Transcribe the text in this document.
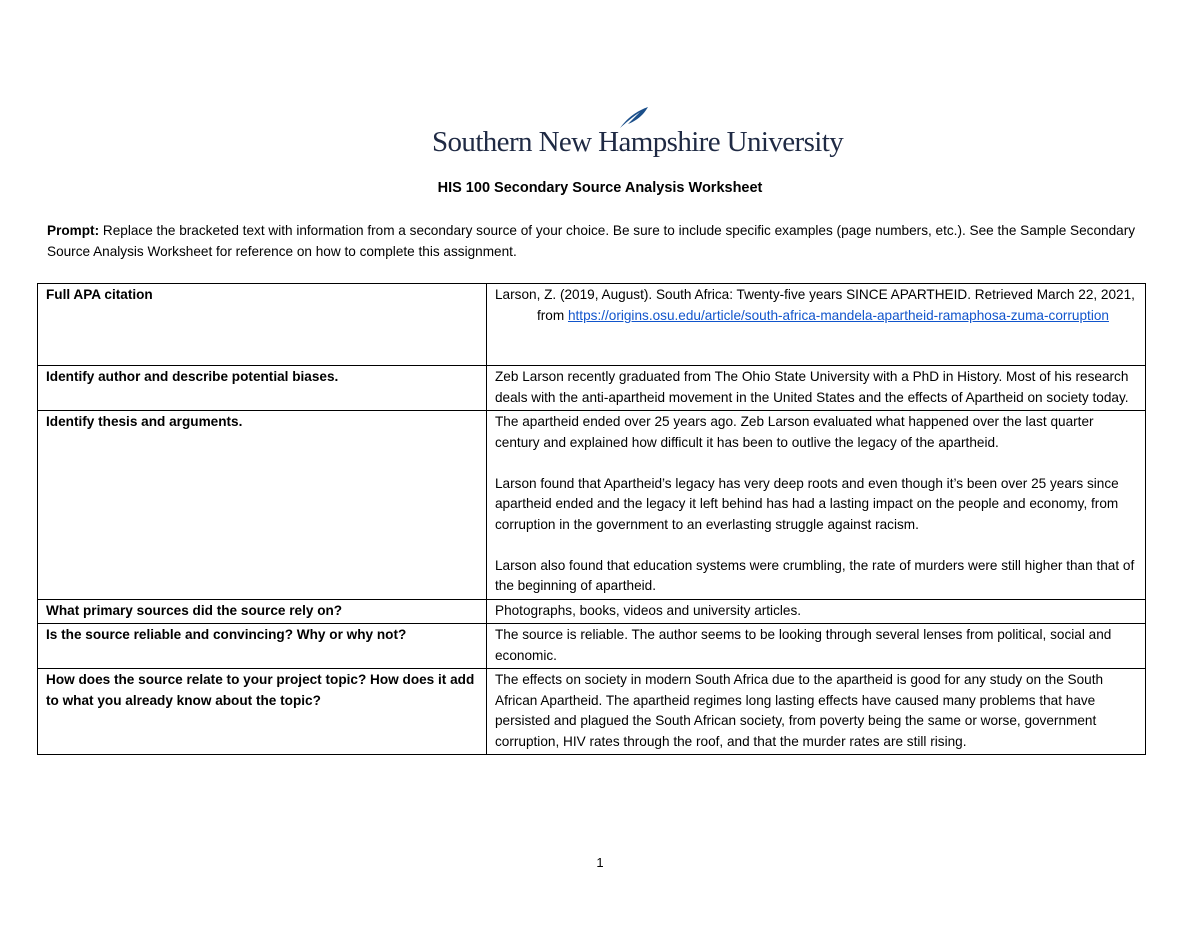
Southern New Hampshire University
HIS 100 Secondary Source Analysis Worksheet
Prompt: Replace the bracketed text with information from a secondary source of your choice. Be sure to include specific examples (page numbers, etc.). See the Sample Secondary Source Analysis Worksheet for reference on how to complete this assignment.
Full APA citation	Larson, Z. (2019, August). South Africa: Twenty-five years SINCE APARTHEID. Retrieved March 22, 2021, from https://origins.osu.edu/article/south-africa-mandela-apartheid-ramaphosa-zuma-corruption

Identify author and describe potential biases.	Zeb Larson recently graduated from The Ohio State University with a PhD in History. Most of his research deals with the anti-apartheid movement in the United States and the effects of Apartheid on society today.
Identify thesis and arguments.	The apartheid ended over 25 years ago. Zeb Larson evaluated what happened over the last quarter century and explained how difficult it has been to outlive the legacy of the apartheid.

Larson found that Apartheid’s legacy has very deep roots and even though it’s been over 25 years since apartheid ended and the legacy it left behind has had a lasting impact on the people and economy, from corruption in the government to an everlasting struggle against racism.

Larson also found that education systems were crumbling, the rate of murders were still higher than that of the beginning of apartheid.

What primary sources did the source rely on?	Photographs, books, videos and university articles.
Is the source reliable and convincing? Why or why not?	The source is reliable. The author seems to be looking through several lenses from political, social and economic.
How does the source relate to your project topic? How does it add to what you already know about the topic?	The effects on society in modern South Africa due to the apartheid is good for any study on the South African Apartheid. The apartheid regimes long lasting effects have caused many problems that have persisted and plagued the South African society, from poverty being the same or worse, government corruption, HIV rates through the roof, and that the murder rates are still rising.
1
